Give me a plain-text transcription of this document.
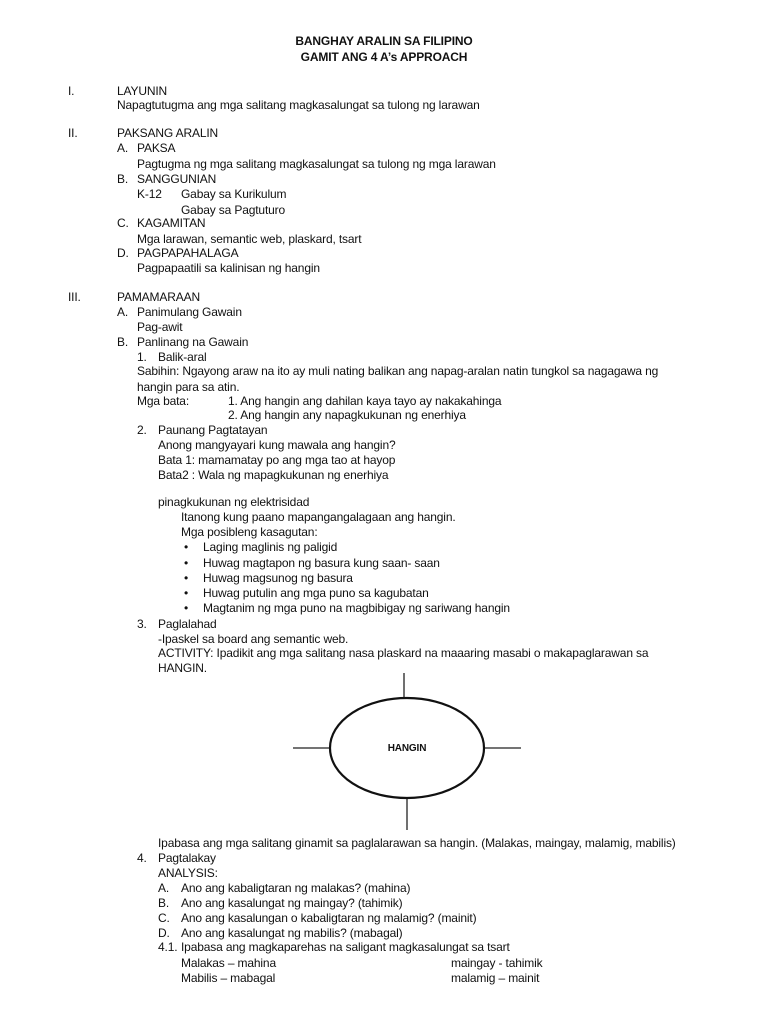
BANGHAY ARALIN SA FILIPINO
GAMIT ANG 4 A’s APPROACH
I.	LAYUNIN
Napagtutugma ang mga salitang magkasalungat sa tulong ng larawan
II.	PAKSANG ARALIN
A. PAKSA
Pagtugma ng mga salitang magkasalungat sa tulong ng mga larawan
B. SANGGUNIAN
K-12 Gabay sa Kurikulum
Gabay sa Pagtuturo
C. KAGAMITAN
Mga larawan, semantic web, plaskard, tsart
D. PAGPAPAHALAGA
Pagpapaatili sa kalinisan ng hangin
III.	PAMAMARAAN
A. Panimulang Gawain
Pag-awit
B. Panlinang na Gawain
1. Balik-aral
Sabihin: Ngayong araw na ito ay muli nating balikan ang napag-aralan natin tungkol sa nagagawa ng
hangin para sa atin.
Mga bata:	1. Ang hangin ang dahilan kaya tayo ay nakakahinga
2. Ang hangin any napagkukunan ng enerhiya
2. Paunang Pagtatayan
Anong mangyayari kung mawala ang hangin?
Bata 1: mamamatay po ang mga tao at hayop
Bata2 : Wala ng mapagkukunan ng enerhiya
pinagkukunan ng elektrisidad
Itanong kung paano mapangangalagaan ang hangin.
Mga posibleng kasagutan:
• Laging maglinis ng paligid
• Huwag magtapon ng basura kung saan- saan
• Huwag magsunog ng basura
• Huwag putulin ang mga puno sa kagubatan
• Magtanim ng mga puno na magbibigay ng sariwang hangin
3. Paglalahad
-Ipaskel sa board ang semantic web.
ACTIVITY: Ipadikit ang mga salitang nasa plaskard na maaaring masabi o makapaglarawan sa
HANGIN.
HANGIN
Ipabasa ang mga salitang ginamit sa paglalarawan sa hangin. (Malakas, maingay, malamig, mabilis)
4. Pagtalakay
ANALYSIS:
A. Ano ang kabaligtaran ng malakas? (mahina)
B. Ano ang kasalungat ng maingay? (tahimik)
C. Ano ang kasalungan o kabaligtaran ng malamig? (mainit)
D. Ano ang kasalungat ng mabilis? (mabagal)
4.1. Ipabasa ang magkaparehas na saligant magkasalungat sa tsart
Malakas – mahina	maingay - tahimik
Mabilis – mabagal	malamig – mainit
